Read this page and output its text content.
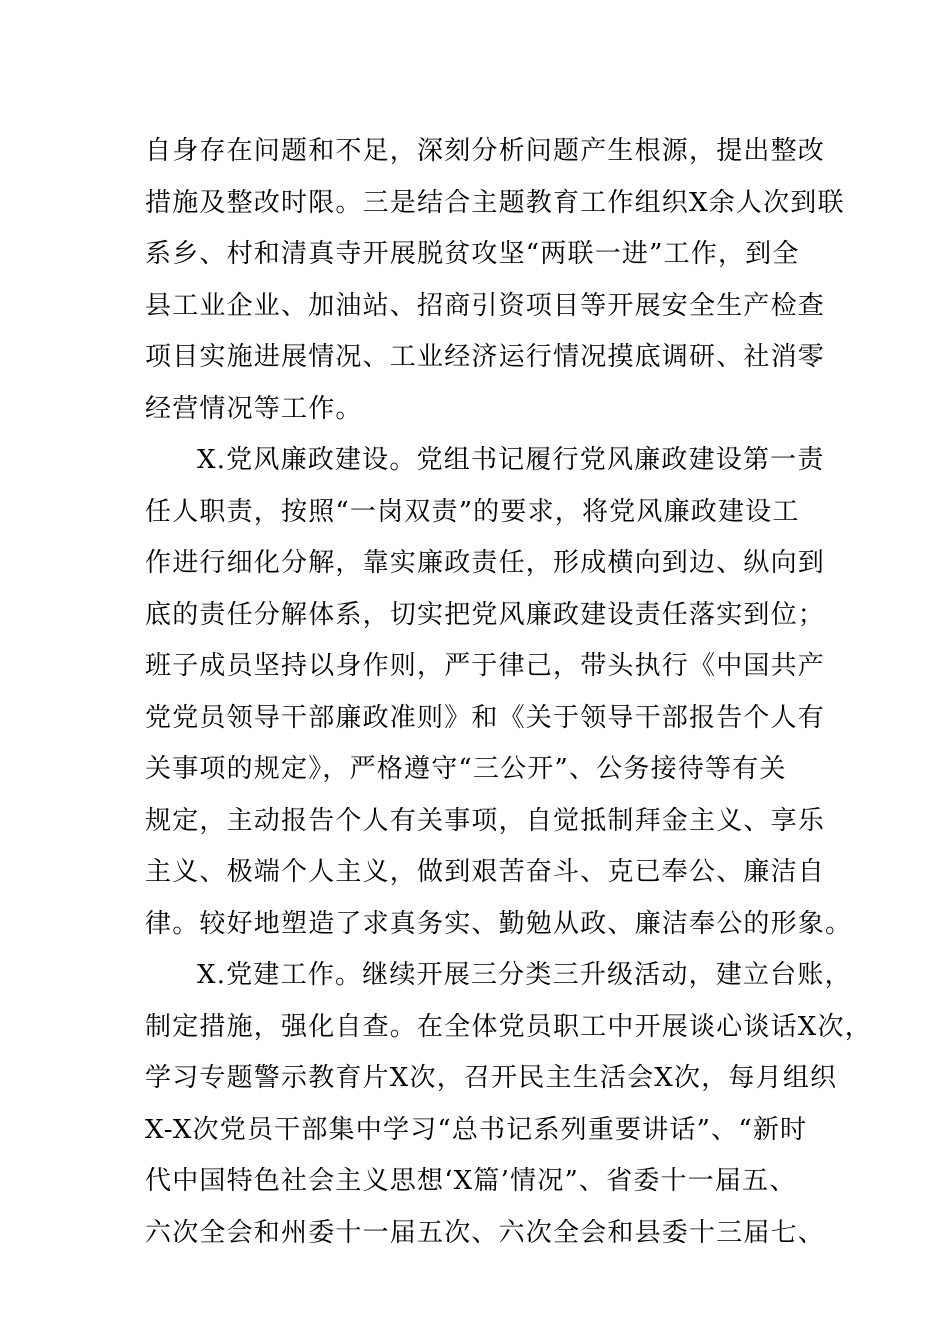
自身存在问题和不足，深刻分析问题产生根源，提出整改
措施及整改时限。三是结合主题教育工作组织X余人次到联
系乡、村和清真寺开展脱贫攻坚“两联一进”工作，到全
县工业企业、加油站、招商引资项目等开展安全生产检查
项目实施进展情况、工业经济运行情况摸底调研、社消零
经营情况等工作。
X.党风廉政建设。党组书记履行党风廉政建设第一责
任人职责，按照“一岗双责”的要求，将党风廉政建设工
作进行细化分解，靠实廉政责任，形成横向到边、纵向到
底的责任分解体系，切实把党风廉政建设责任落实到位；
班子成员坚持以身作则，严于律己，带头执行《中国共产
党党员领导干部廉政准则》和《关于领导干部报告个人有
关事项的规定》，严格遵守“三公开”、公务接待等有关
规定，主动报告个人有关事项，自觉抵制拜金主义、享乐
主义、极端个人主义，做到艰苦奋斗、克已奉公、廉洁自
律。较好地塑造了求真务实、勤勉从政、廉洁奉公的形象。
X.党建工作。继续开展三分类三升级活动，建立台账，
制定措施，强化自查。在全体党员职工中开展谈心谈话X次，
学习专题警示教育片X次，召开民主生活会X次，每月组织
X-X次党员干部集中学习“总书记系列重要讲话”、“新时
代中国特色社会主义思想‘X篇’情况”、省委十一届五、
六次全会和州委十一届五次、六次全会和县委十三届七、
